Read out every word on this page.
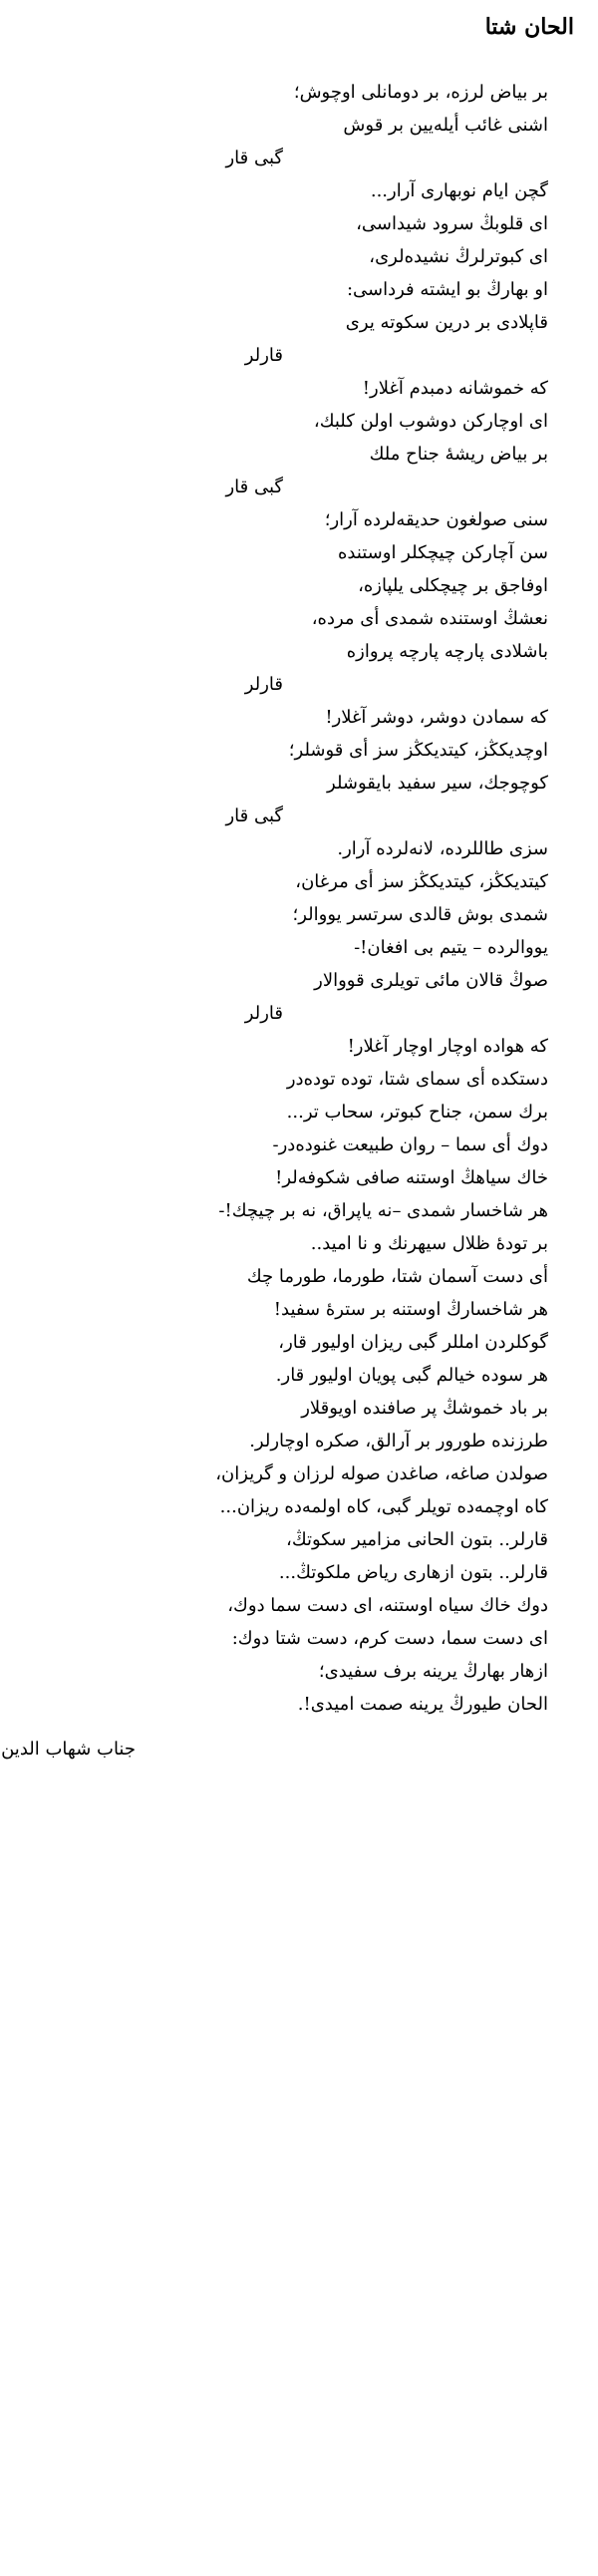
الحان شتا
بر بیاض لرزه، بر دومانلی اوچوش؛
اشنی غائب أیلەیین بر قوش
گبی قار
گچن ایام نوبهاری آرار...
ای قلوبڭ سرود شیداسی،
ای کبوترلرڭ نشیدەلری،
او بهارڭ بو ایشته فرداسی:
قاپلادی بر درین سکوته یری
قارلر
که خموشانه دمبدم آغلار!
ای اوچارکن دوشوب اولن کلبك،
بر بیاض ریشۀ جناح ملك
گبی قار
سنی صولغون حدیقەلردە آرار؛
سن آچارکن چیچکلر اوستندە
اوفاجق بر چیچکلی یلپازە،
نعشڭ اوستندە شمدی أی مردە،
باشلادی پارچە پارچە پروازه
قارلر
که سمادن دوشر، دوشر آغلار!
اوچدیکڭز، کیتدیکڭز سز أی قوشلر؛
کوچوجك، سیر سفید بایقوشلر
گبی قار
سزی طاللردە، لانەلردە آرار.
کیتدیکڭز، کیتدیکڭز سز أی مرغان،
شمدی بوش قالدی سرتسر یووالر؛
یووالردە – یتیم بی افغان!-
صوڭ قالان مائی تویلری قووالار
قارلر
که هوادە اوچار اوچار آغلار!
دستکدە أی سمای شتا، تودە تودەدر
برك سمن، جناح کبوتر، سحاب تر...
دوك أی سما – روان طبیعت غنودەدر-
خاك سیاهڭ اوستنە صافی شکوفەلر!
هر شاخسار شمدی –نە یاپراق، نە بر چیچك!-
بر تودۀ ظلال سیهرنك و نا امید..
أی دست آسمان شتا، طورما، طورما چك
هر شاخسارڭ اوستنە بر سترۀ سفید!
گوکلردن امللر گبی ریزان اولیور قار،
هر سودە خیالم گبی پویان اولیور قار.
بر باد خموشڭ پر صافندە اویوقلار
طرزندە طورور بر آرالق، صکرە اوچارلر.
صولدن صاغە، صاغدن صولە لرزان و گریزان،
کاه اوچمەدە تویلر گبی، کاه اولمەدە ریزان...
قارلر.. بتون الحانی مزامیر سکوتڭ،
قارلر.. بتون ازهاری ریاض ملکوتڭ...
دوك خاك سیاه اوستنە، ای دست سما دوك،
ای دست سما، دست کرم، دست شتا دوك:
ازهار بهارڭ یرینە برف سفیدی؛
الحان طیورڭ یرینە صمت امیدی!.
جناب شهاب الدین
